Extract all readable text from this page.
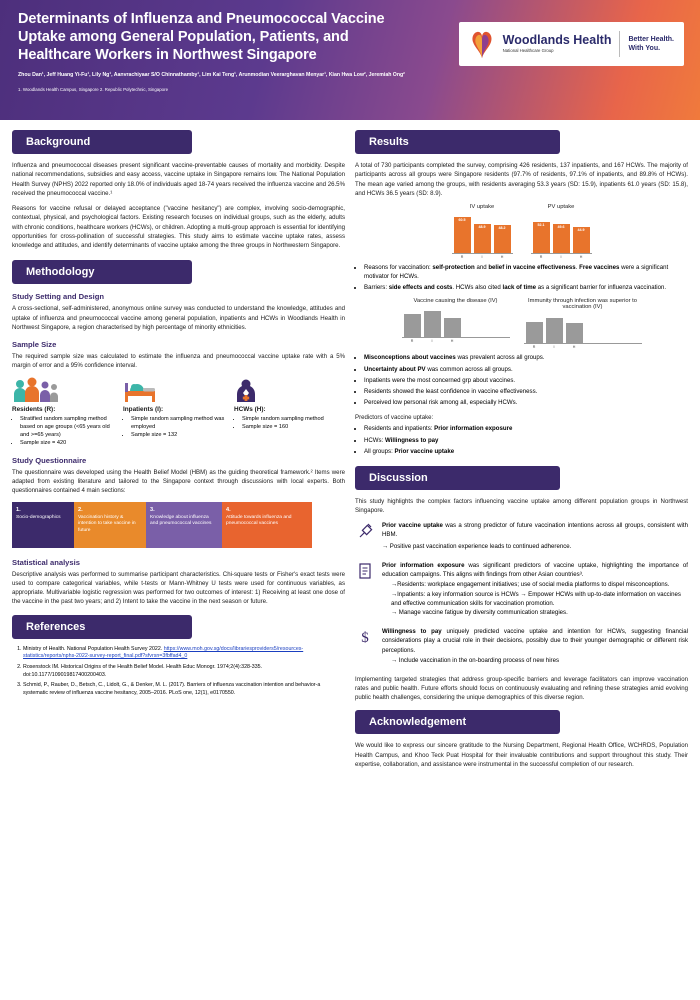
Determinants of Influenza and Pneumococcal Vaccine Uptake among General Population, Patients, and Healthcare Workers in Northwest Singapore
Zhou Dan¹, Jeff Huang Yi-Fu¹, Lily Ng¹, Aanvrachiyaar S/O Chinnathamby¹, Lim Kai Teng¹, Arunmodian Veerarghavan Menyar¹, Kian Hwa Low², Jeremiah Ong²
1. Woodlands Health Campus, Singapore 2. Republic Polytechnic, Singapore
Woodlands Health
National Healthcare Group
Better Health.
With You.
Background

Influenza and pneumococcal diseases present significant vaccine-preventable causes of mortality and morbidity. Despite national recommendations, subsidies and easy access, vaccine uptake in Singapore remains low. The National Population Health Survey (NPHS) 2022 reported only 18.0% of individuals aged 18-74 years received the influenza vaccine and 26.5% received the pneumococcal vaccine.¹

Reasons for vaccine refusal or delayed acceptance ("vaccine hesitancy") are complex, involving socio-demographic, contextual, physical, and psychological factors. Existing research focuses on individual groups, such as the elderly, adults with chronic conditions, healthcare workers (HCWs), or children. Adopting a multi-group approach is essential for identifying opportunities for cross-pollination of successful strategies. This study aims to estimate vaccine uptake rates, assess knowledge and attitudes, and identify determinants of vaccine uptake among the three groups in Northwestern Singapore.

Methodology
Study Setting and Design

A cross-sectional, self-administered, anonymous online survey was conducted to understand the knowledge, attitudes and uptake of influenza and pneumococcal vaccine among general population, inpatients and HCWs in Woodlands Health in Northwest Singapore, a region characterised by high percentage of minority ethnicities.

Sample Size

The required sample size was calculated to estimate the influenza and pneumococcal vaccine uptake rate with a 5% margin of error and a 95% confidence interval.

Residents (R):
• Stratified random sampling method based on age groups (<65 years old and >=65 years)
• Sample size = 420
Inpatients (I):
• Simple random sampling method was employed
• Sample size = 132
HCWs (H):
• Simple random sampling method
• Sample size = 160
Study Questionnaire

The questionnaire was developed using the Health Belief Model (HBM) as the guiding theoretical framework.² Items were adapted from existing literature and tailored to the Singapore context through discussions with local experts. Both questionnaires contained 4 main sections:

1.
Socio-demographics
2.
Vaccination history & intention to take vaccine in future
3.
Knowledge about influenza and pneumococcal vaccines
4.
Attitude towards influenza and pneumococcal vaccines
Statistical analysis

Descriptive analysis was performed to summarise participant characteristics. Chi-square tests or Fisher's exact tests were used to compare categorical variables, while t-tests or Mann-Whitney U tests were used for continuous variables, as appropriate. Multivariable logistic regression was performed for two outcomes of interest: 1) Receiving at least one dose of the vaccine in the past two years; and 2) Intent to take the vaccine in the next season or future.

References
1. Ministry of Health. National Population Health Survey 2022. https://www.moh.gov.sg/docs/librariesproviders5/resources-statistics/reports/nphs-2022-survey-report_final.pdf?sfvrsn=3fbffad4_0
2. Rosenstock IM. Historical Origins of the Health Belief Model. Health Educ Monogr. 1974;2(4):328-335. doi:10.1177/109019817400200403.
3. Schmid, P., Rauber, D., Betsch, C., Lidolt, G., & Denker, M. L. (2017). Barriers of influenza vaccination intention and behavior-a systematic review of influenza vaccine hesitancy, 2005–2016. PLoS one, 12(1), e0170550.
Results

A total of 730 participants completed the survey, comprising 426 residents, 137 inpatients, and 167 HCWs. The majority of participants across all groups were Singapore residents (97.7% of residents, 97.1% of inpatients, and 89.8% of HCWs). The mean age varied among the groups, with residents averaging 53.3 years (SD: 15.9), inpatients 61.0 years (SD: 15.8), and HCWs 36.5 years (SD: 8.9).

IV uptake
60.5
48.9	48.2
R	I	H
PV uptake
52.1	49.6
44.9
R	I	H
• Reasons for vaccination: self-protection and belief in vaccine effectiveness. Free vaccines were a significant motivator for HCWs.
• Barriers: side effects and costs. HCWs also cited lack of time as a significant barrier for influenza vaccination.
Vaccine causing the disease (IV)
R	I	H
Immunity through infection was superior to vaccination (IV)
R	I	H
• Misconceptions about vaccines was prevalent across all groups.
• Uncertainty about PV was common across all groups.
• Inpatients were the most concerned grp about vaccines.
• Residents showed the least confidence in vaccine effectiveness.
• Perceived low personal risk among all, especially HCWs.

Predictors of vaccine uptake:

• Residents and inpatients: Prior information exposure
• HCWs: Willingness to pay
• All groups: Prior vaccine uptake
Discussion

This study highlights the complex factors influencing vaccine uptake among different population groups in Northwest Singapore.

Prior vaccine uptake was a strong predictor of future vaccination intentions across all groups, consistent with HBM.

→ Positive past vaccination experience leads to continued adherence.

Prior information exposure was significant predictors of vaccine uptake, highlighting the importance of education campaigns. This aligns with findings from other Asian countries³.

→Residents: workplace engagement initiatives; use of social media platforms to dispel misconceptions.
→Inpatients: a key information source is HCWs → Empower HCWs with up-to-date information on vaccines and effective communication skills for vaccination promotion.
→ Manage vaccine fatigue by diversity communication strategies.
$ Willingness to pay uniquely predicted vaccine uptake and intention for HCWs, suggesting financial considerations play a crucial role in their decisions, possibly due to their younger demographic or different risk perceptions.

→ Include vaccination in the on-boarding process of new hires

Implementing targeted strategies that address group-specific barriers and leverage facilitators can improve vaccination rates and public health. Future efforts should focus on continuously evaluating and refining these strategies amid evolving public health challenges, considering the unique demographics of this diverse region.

Acknowledgement

We would like to express our sincere gratitude to the Nursing Department, Regional Health Office, WCHRDS, Population Health Campus, and Khoo Teck Puat Hospital for their invaluable contributions and support throughout this study. Their expertise, collaboration, and assistance were instrumental in the successful completion of our research.
